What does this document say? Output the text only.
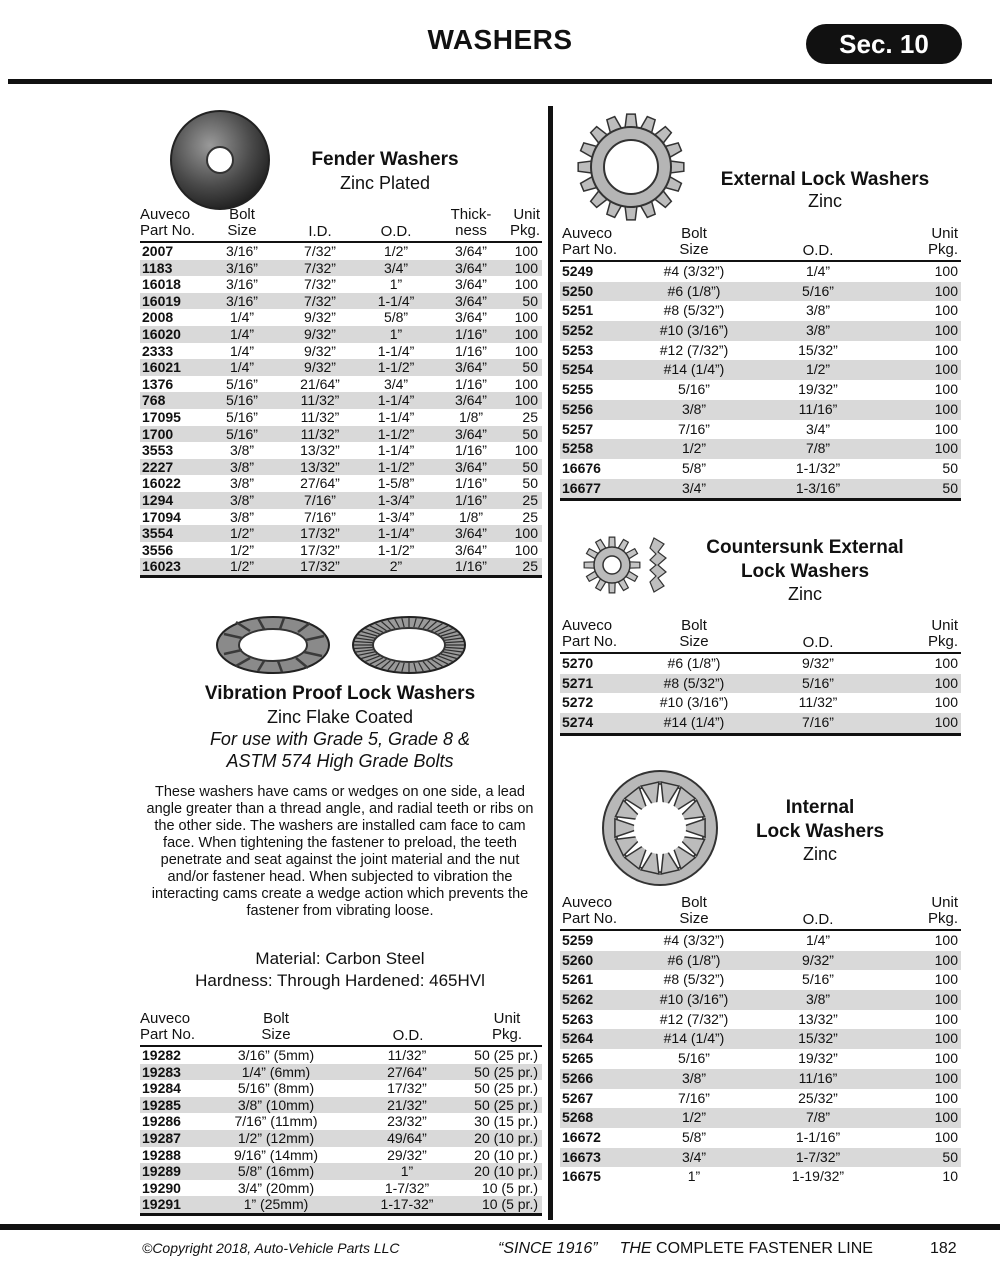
WASHERS	Sec. 10
Fender Washers
Zinc Plated
Auveco
Part No.
Bolt
Size	I.D.	O.D.
Thick-
ness
Unit
Pkg.
2007	3/16”	7/32”	1/2”	3/64”	100
1183	3/16”	7/32”	3/4”	3/64”	100
16018	3/16”	7/32”	1”	3/64”	100
16019	3/16”	7/32”	1-1/4”	3/64”	50
2008	1/4”	9/32”	5/8”	3/64”	100
16020	1/4”	9/32”	1”	1/16”	100
2333	1/4”	9/32”	1-1/4”	1/16”	100
16021	1/4”	9/32”	1-1/2”	3/64”	50
1376	5/16”	21/64”	3/4”	1/16”	100
768	5/16”	11/32”	1-1/4”	3/64”	100
17095	5/16”	11/32”	1-1/4”	1/8”	25
1700	5/16”	11/32”	1-1/2”	3/64”	50
3553	3/8”	13/32”	1-1/4”	1/16”	100
2227	3/8”	13/32”	1-1/2”	3/64”	50
16022	3/8”	27/64”	1-5/8”	1/16”	50
1294	3/8”	7/16”	1-3/4”	1/16”	25
17094	3/8”	7/16”	1-3/4”	1/8”	25
3554	1/2”	17/32”	1-1/4”	3/64”	100
3556	1/2”	17/32”	1-1/2”	3/64”	100
16023	1/2”	17/32”	2”	1/16”	25
Vibration Proof Lock Washers
Zinc Flake Coated
For use with Grade 5, Grade 8 &
ASTM 574 High Grade Bolts
These washers have cams or wedges on one side, a lead angle greater than a thread angle, and radial teeth or ribs on the other side. The washers are installed cam face to cam face. When tightening the fastener to preload, the teeth penetrate and seat against the joint material and the nut and/or fastener head. When subjected to vibration the interacting cams create a wedge action which prevents the fastener from vibrating loose.
Material: Carbon Steel
Hardness: Through Hardened: 465HVl
Auveco
Part No.
Bolt
Size	O.D.
Unit
Pkg.
19282	3/16” (5mm)	11/32”	50 (25 pr.)
19283	1/4” (6mm)	27/64”	50 (25 pr.)
19284	5/16” (8mm)	17/32”	50 (25 pr.)
19285	3/8” (10mm)	21/32”	50 (25 pr.)
19286	7/16” (11mm)	23/32”	30 (15 pr.)
19287	1/2” (12mm)	49/64”	20 (10 pr.)
19288	9/16” (14mm)	29/32”	20 (10 pr.)
19289	5/8” (16mm)	1”	20 (10 pr.)
19290	3/4” (20mm)	1-7/32”	10 (5 pr.)
19291	1” (25mm)	1-17-32”	10 (5 pr.)
External Lock Washers
Zinc
Auveco
Part No.
Bolt
Size	O.D.
Unit
Pkg.
5249	#4 (3/32”)	1/4”	100
5250	#6 (1/8”)	5/16”	100
5251	#8 (5/32”)	3/8”	100
5252	#10 (3/16”)	3/8”	100
5253	#12 (7/32”)	15/32”	100
5254	#14 (1/4”)	1/2”	100
5255	5/16”	19/32”	100
5256	3/8”	11/16”	100
5257	7/16”	3/4”	100
5258	1/2”	7/8”	100
16676	5/8”	1-1/32”	50
16677	3/4”	1-3/16”	50
Countersunk External
Lock Washers
Zinc
Auveco
Part No.
Bolt
Size	O.D.
Unit
Pkg.
5270	#6 (1/8”)	9/32”	100
5271	#8 (5/32”)	5/16”	100
5272	#10 (3/16”)	11/32”	100
5274	#14 (1/4”)	7/16”	100
Internal
Lock Washers
Zinc
Auveco
Part No.
Bolt
Size	O.D.
Unit
Pkg.
5259	#4 (3/32”)	1/4”	100
5260	#6 (1/8”)	9/32”	100
5261	#8 (5/32”)	5/16”	100
5262	#10 (3/16”)	3/8”	100
5263	#12 (7/32”)	13/32”	100
5264	#14 (1/4”)	15/32”	100
5265	5/16”	19/32”	100
5266	3/8”	11/16”	100
5267	7/16”	25/32”	100
5268	1/2”	7/8”	100
16672	5/8”	1-1/16”	100
16673	3/4”	1-7/32”	50
16675	1”	1-19/32”	10
©Copyright 2018, Auto-Vehicle Parts LLC	“SINCE 1916” THE COMPLETE FASTENER LINE	182
